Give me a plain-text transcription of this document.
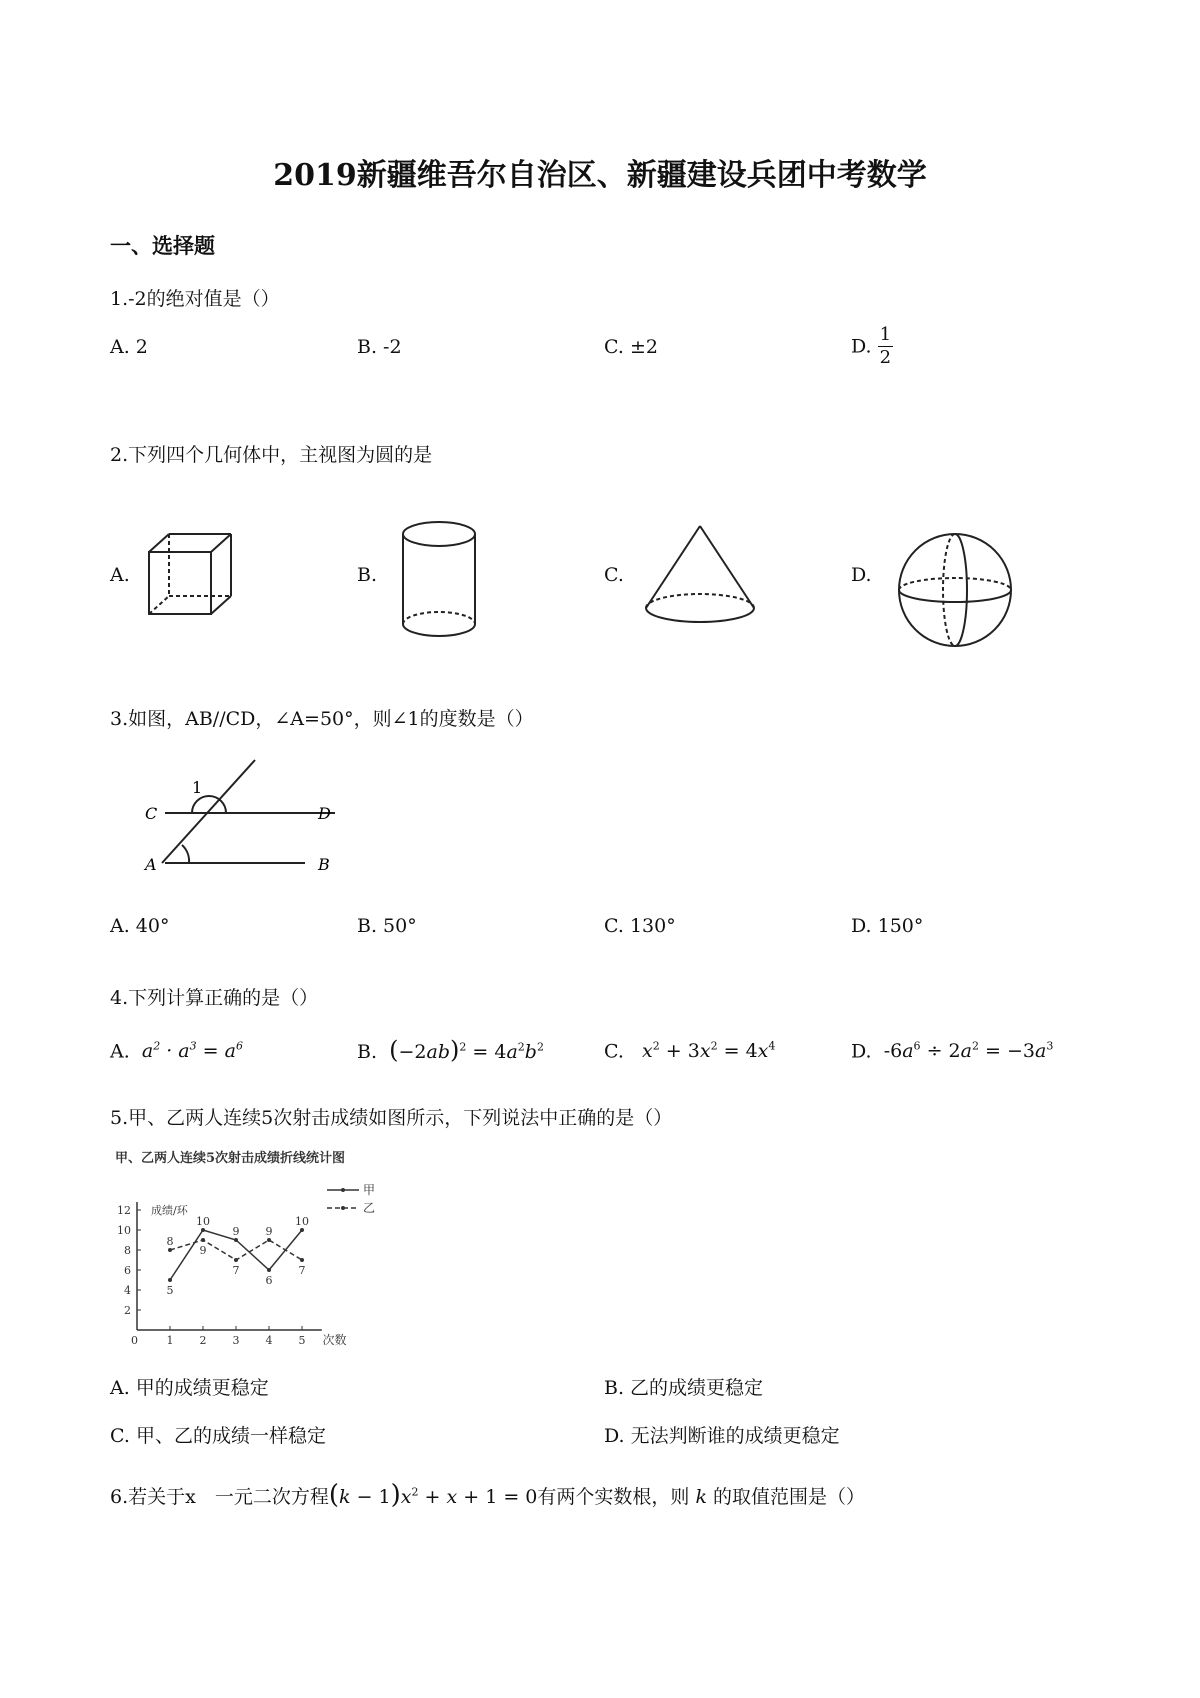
2019新疆维吾尔自治区、新疆建设兵团中考数学
一、选择题
1.-2的绝对值是（）
A. 2	B. -2	C. ±2	D. $\frac{1}{2}$
2.下列四个几何体中，主视图为圆的是
A.	B.	C.	D.
3.如图，AB//CD，∠A=50°，则∠1的度数是（）
1
C	D
A	B
A. 40°	B. 50°	C. 130°	D. 150°
4.下列计算正确的是（）
A.  $a^2 \cdot a^3 = a^6$	B. $(-2ab)^2 = 4a^2b^2$	C. $x^2 + 3x^2 = 4x^4$	D.  $-6a^6 \div 2a^2 = -3a^3$
5.甲、乙两人连续5次射击成绩如图所示，下列说法中正确的是（）
甲、乙两人连续5次射击成绩折线统计图
成绩/环
次数
0
2
4
6
8
10
12
1 2 3 4 5
5
10
9
6
10
8
9
7
9
7
甲
乙
A. 甲的成绩更稳定	B. 乙的成绩更稳定
C. 甲、乙的成绩一样稳定	D. 无法判断谁的成绩更稳定
6.若关于x　一元二次方程$(k - 1)x^2 + x + 1 = 0$有两个实数根，则 k 的取值范围是（）
